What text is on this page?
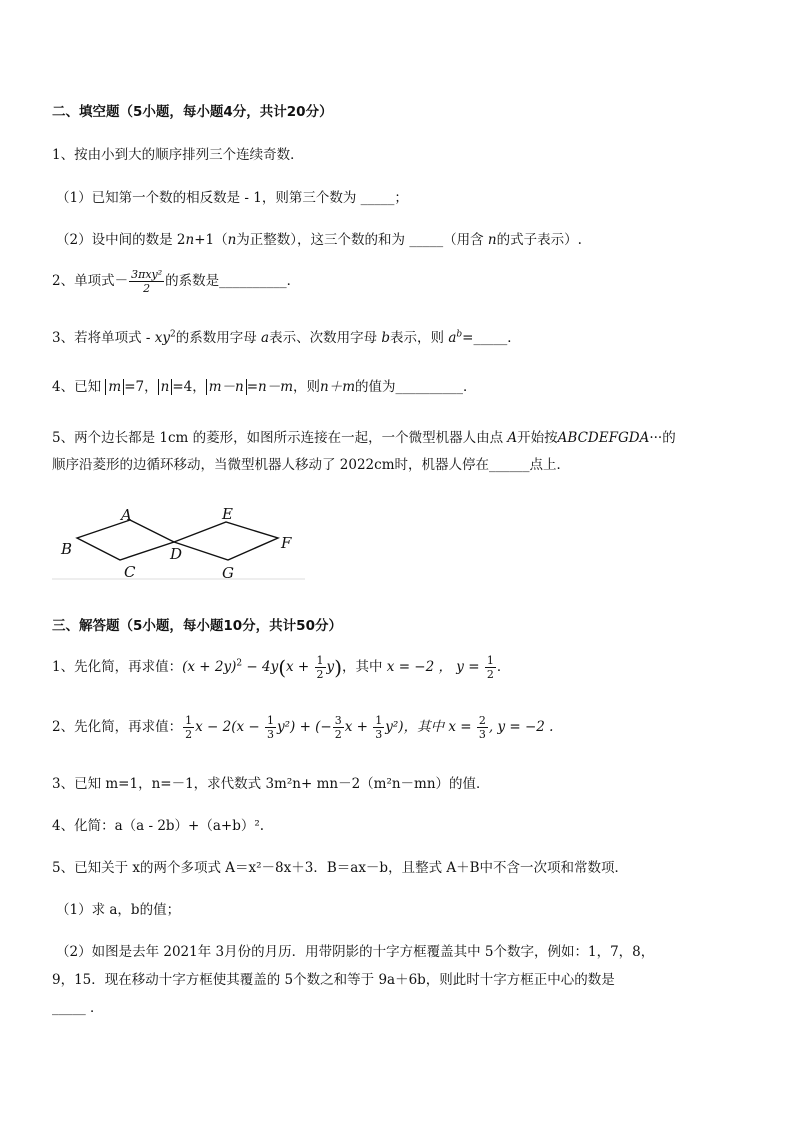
二、填空题（5小题，每小题4分，共计20分）
1、按由小到大的顺序排列三个连续奇数．
（1）已知第一个数的相反数是 - 1，则第三个数为 _____；
（2）设中间的数是 2n+1（n为正整数），这三个数的和为 _____（用含 n的式子表示）.
2、单项式－ $\frac{\text{3πxy²}}{2}$ 的系数是__________．
3、若将单项式 - $xy^2$的系数用字母 a表示、次数用字母 b表示，则 $a^b=\_\_\_\_\_$．
4、已知 m =7， n =4， m－n =n－m，则n＋m的值为__________．
5、两个边长都是 1cm 的菱形，如图所示连接在一起，一个微型机器人由点 A开始按ABCDEFGDA···的
顺序沿菱形的边循环移动，当微型机器人移动了 2022cm时，机器人停在______点上．
A
B
C
D
E
F
G
三、解答题（5小题，每小题10分，共计50分）
1、先化简，再求值：$(x + 2y)^2 - 4y(x + \frac{1}{2} y)$，其中 x = −2 ， $y = \frac{1}{2}$ ．
2、先化简，再求值： $\frac{1}{2}$ $x - 2(x - \frac{1}{3} y^2)$ + (− $\frac{3}{2}$ $x + \frac{1}{3} y^2$)，其中 $x = \frac{2}{3}$ , y = −2 .
3、已知 m=1，n=－1，求代数式 3m²n+ mn－2（m²n－mn）的值．
4、化简：a（a - 2b）+（a+b）².
5、已知关于 x的两个多项式 A＝x²－8x＋3．B＝ax－b，且整式 A＋B中不含一次项和常数项．
（1）求 a，b的值；
（2）如图是去年 2021年 3月份的月历．用带阴影的十字方框覆盖其中 5个数字，例如：1，7，8，
9，15．现在移动十字方框使其覆盖的 5个数之和等于 9a＋6b，则此时十字方框正中心的数是
_____ ．
